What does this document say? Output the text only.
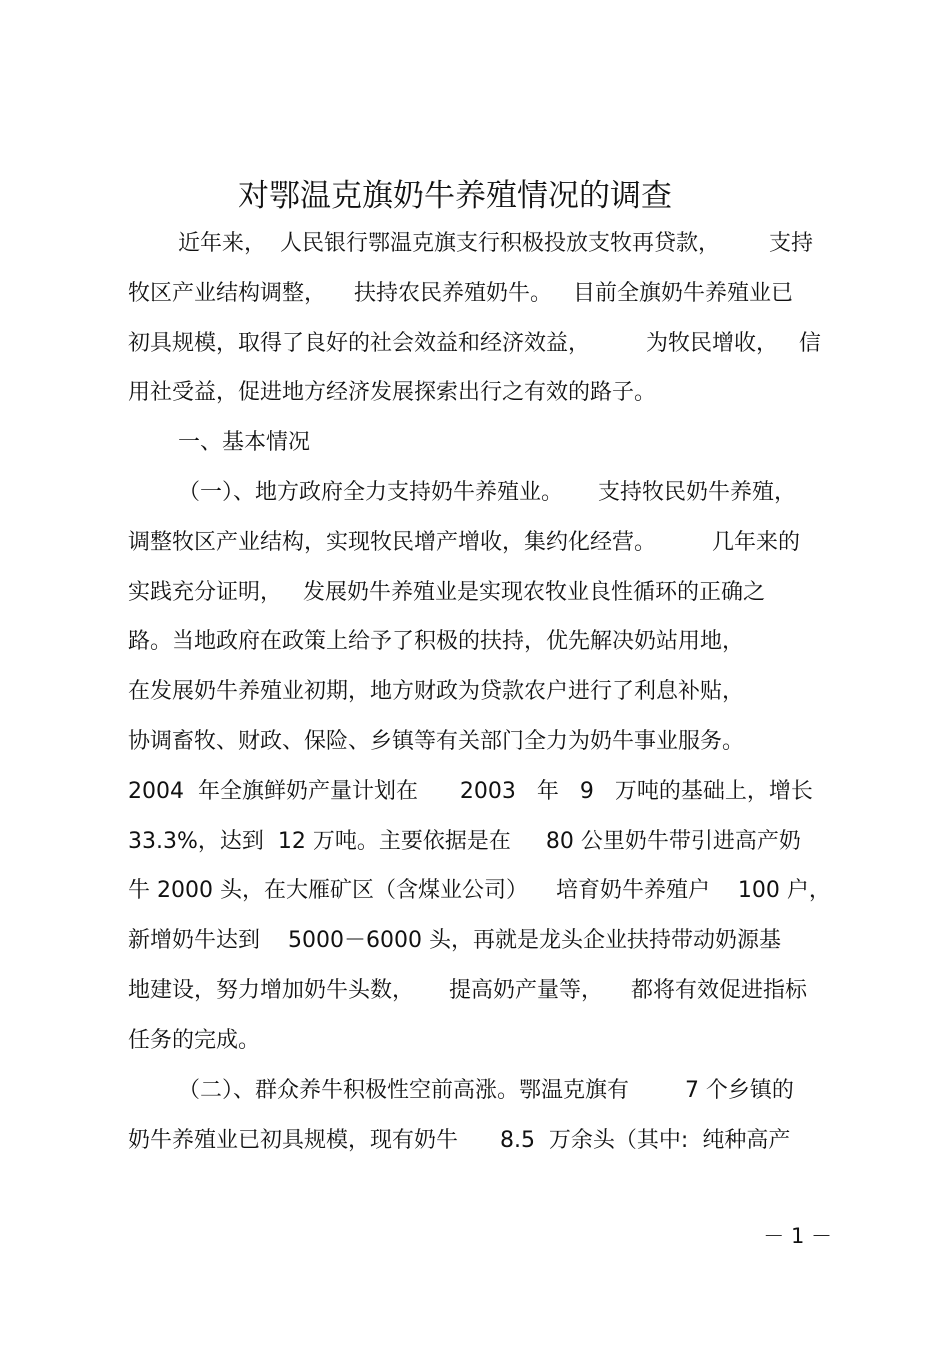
对鄂温克旗奶牛养殖情况的调查
近年来，  人民银行鄂温克旗支行积极投放支牧再贷款，       支持
牧区产业结构调整，    扶持农民养殖奶牛。   目前全旗奶牛养殖业已
初具规模，取得了良好的社会效益和经济效益，        为牧民增收，   信
用社受益，促进地方经济发展探索出行之有效的路子。
一、基本情况
（一）、地方政府全力支持奶牛养殖业。     支持牧民奶牛养殖，
调整牧区产业结构，实现牧民增产增收，集约化经营。        几年来的
实践充分证明，   发展奶牛养殖业是实现农牧业良性循环的正确之
路。当地政府在政策上给予了积极的扶持，优先解决奶站用地，
在发展奶牛养殖业初期，地方财政为贷款农户进行了利息补贴，
协调畜牧、财政、保险、乡镇等有关部门全力为奶牛事业服务。
2004  年全旗鲜奶产量计划在      2003   年   9   万吨的基础上，增长
33.3%，达到  12 万吨。主要依据是在     80 公里奶牛带引进高产奶
牛 2000 头，在大雁矿区（含煤业公司）    培育奶牛养殖户    100 户，
新增奶牛达到    5000－6000 头，再就是龙头企业扶持带动奶源基
地建设，努力增加奶牛头数，     提高奶产量等，    都将有效促进指标
任务的完成。
（二）、群众养牛积极性空前高涨。鄂温克旗有        7 个乡镇的
奶牛养殖业已初具规模，现有奶牛      8.5  万余头（其中:  纯种高产
－ 1 －
